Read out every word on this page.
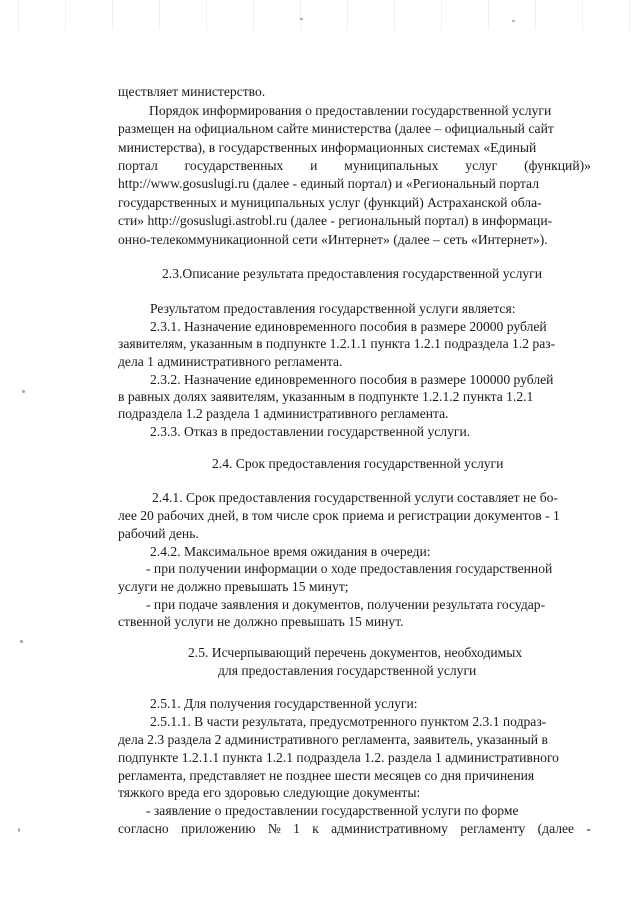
ществляет министерство.
Порядок информирования о предоставлении государственной услуги
размещен на официальном сайте министерства (далее – официальный сайт
министерства), в государственных информационных системах «Единый
портал государственных и муниципальных услуг (функций)»
http://www.gosuslugi.ru (далее - единый портал) и «Региональный портал
государственных и муниципальных услуг (функций) Астраханской обла-
сти» http://gosuslugi.astrobl.ru (далее - региональный портал) в информаци-
онно-телекоммуникационной сети «Интернет» (далее – сеть «Интернет»).
2.3.Описание результата предоставления государственной услуги
Результатом предоставления государственной услуги является:
2.3.1. Назначение единовременного пособия в размере 20000 рублей
заявителям, указанным в подпункте 1.2.1.1 пункта 1.2.1 подраздела 1.2 раз-
дела 1 административного регламента.
2.3.2. Назначение единовременного пособия в размере 100000 рублей
в равных долях заявителям, указанным в подпункте 1.2.1.2 пункта 1.2.1
подраздела 1.2 раздела 1 административного регламента.
2.3.3. Отказ в предоставлении государственной услуги.
2.4. Срок предоставления государственной услуги
2.4.1. Срок предоставления государственной услуги составляет не бо-
лее 20 рабочих дней, в том числе срок приема и регистрации документов - 1
рабочий день.
2.4.2. Максимальное время ожидания в очереди:
- при получении информации о ходе предоставления государственной
услуги не должно превышать 15 минут;
- при подаче заявления и документов, получении результата государ-
ственной услуги не должно превышать 15 минут.
2.5. Исчерпывающий перечень документов, необходимых
для предоставления государственной услуги
2.5.1. Для получения государственной услуги:
2.5.1.1. В части результата, предусмотренного пунктом 2.3.1 подраз-
дела 2.3 раздела 2 административного регламента, заявитель, указанный в
подпункте 1.2.1.1 пункта 1.2.1 подраздела 1.2. раздела 1 административного
регламента, представляет не позднее шести месяцев со дня причинения
тяжкого вреда его здоровью следующие документы:
- заявление о предоставлении государственной услуги по форме
согласно приложению № 1 к административному регламенту (далее -
